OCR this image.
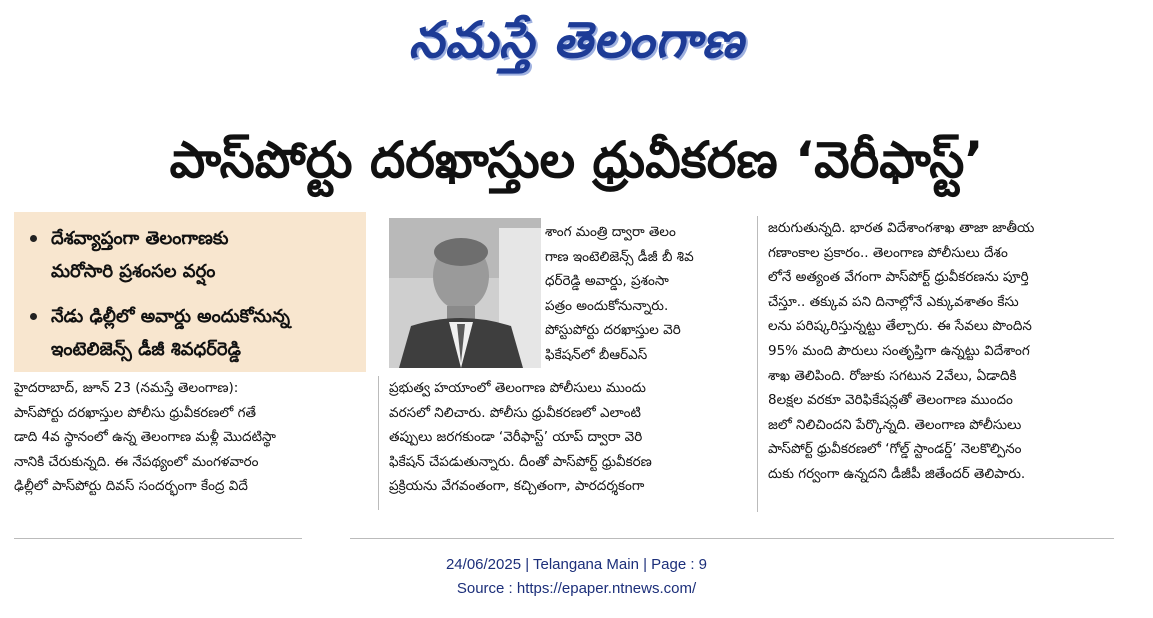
నమస్తే తెలంగాణ
పాస్‌పోర్టు దరఖాస్తుల ధ్రువీకరణ ‘వెరీఫాస్ట్‌’
దేశవ్యాప్తంగా తెలంగాణకు
మరోసారి ప్రశంసల వర్షం
నేడు ఢిల్లీలో అవార్డు అందుకోనున్న
ఇంటెలిజెన్స్‌ డీజీ శివధర్‌రెడ్డి
శాంగ మంత్రి ద్వారా తెలం
గాణ ఇంటెలిజెన్స్‌ డీజీ బీ శివ
ధర్‌రెడ్డి అవార్డు, ప్రశంసా
పత్రం అందుకోనున్నారు.
పోస్టుపోర్టు దరఖాస్తుల వెరి
ఫికేషన్‌లో బీఆర్‌ఎస్‌
హైదరాబాద్‌, జూన్‌ 23 (నమస్తే తెలంగాణ):
పాస్‌పోర్టు దరఖాస్తుల పోలీసు ధ్రువీకరణలో గతే
డాది 4వ స్థానంలో ఉన్న తెలంగాణ మళ్లీ మొదటిస్థా
నానికి చేరుకున్నది. ఈ నేపథ్యంలో మంగళవారం
ఢిల్లీలో పాస్‌పోర్టు దివస్‌ సందర్భంగా కేంద్ర విదే
ప్రభుత్వ హయాంలో తెలంగాణ పోలీసులు ముందు
వరసలో నిలిచారు. పోలీసు ధ్రువీకరణలో ఎలాంటి
తప్పులు జరగకుండా ‘వెరీఫాస్ట్‌’ యాప్‌ ద్వారా వెరి
ఫికేషన్‌ చేపడుతున్నారు. దీంతో పాస్‌పోర్ట్‌ ధ్రువీకరణ
ప్రక్రియను వేగవంతంగా, కచ్చితంగా, పారదర్శకంగా
జరుగుతున్నది. భారత విదేశాంగశాఖ తాజా జాతీయ
గణాంకాల ప్రకారం.. తెలంగాణ పోలీసులు దేశం
లోనే అత్యంత వేగంగా పాస్‌పోర్ట్‌ ధ్రువీకరణను పూర్తి
చేస్తూ.. తక్కువ పని దినాల్లోనే ఎక్కువశాతం కేసు
లను పరిష్కరిస్తున్నట్టు తేల్చారు. ఈ సేవలు పొందిన
95% మంది పౌరులు సంతృప్తిగా ఉన్నట్టు విదేశాంగ
శాఖ తెలిపింది. రోజుకు సగటున 2వేలు, ఏడాదికి
8లక్షల వరకూ వెరిఫికేషన్లతో తెలంగాణ ముందం
జలో నిలిచిందని పేర్కొన్నది. తెలంగాణ పోలీసులు
పాస్‌పోర్ట్‌ ధ్రువీకరణలో ‘గోల్డ్‌ స్టాండర్డ్‌’ నెలకొల్పినం
దుకు గర్వంగా ఉన్నదని డీజీపీ జితేందర్‌ తెలిపారు.
24/06/2025 | Telangana Main | Page : 9
Source : https://epaper.ntnews.com/
